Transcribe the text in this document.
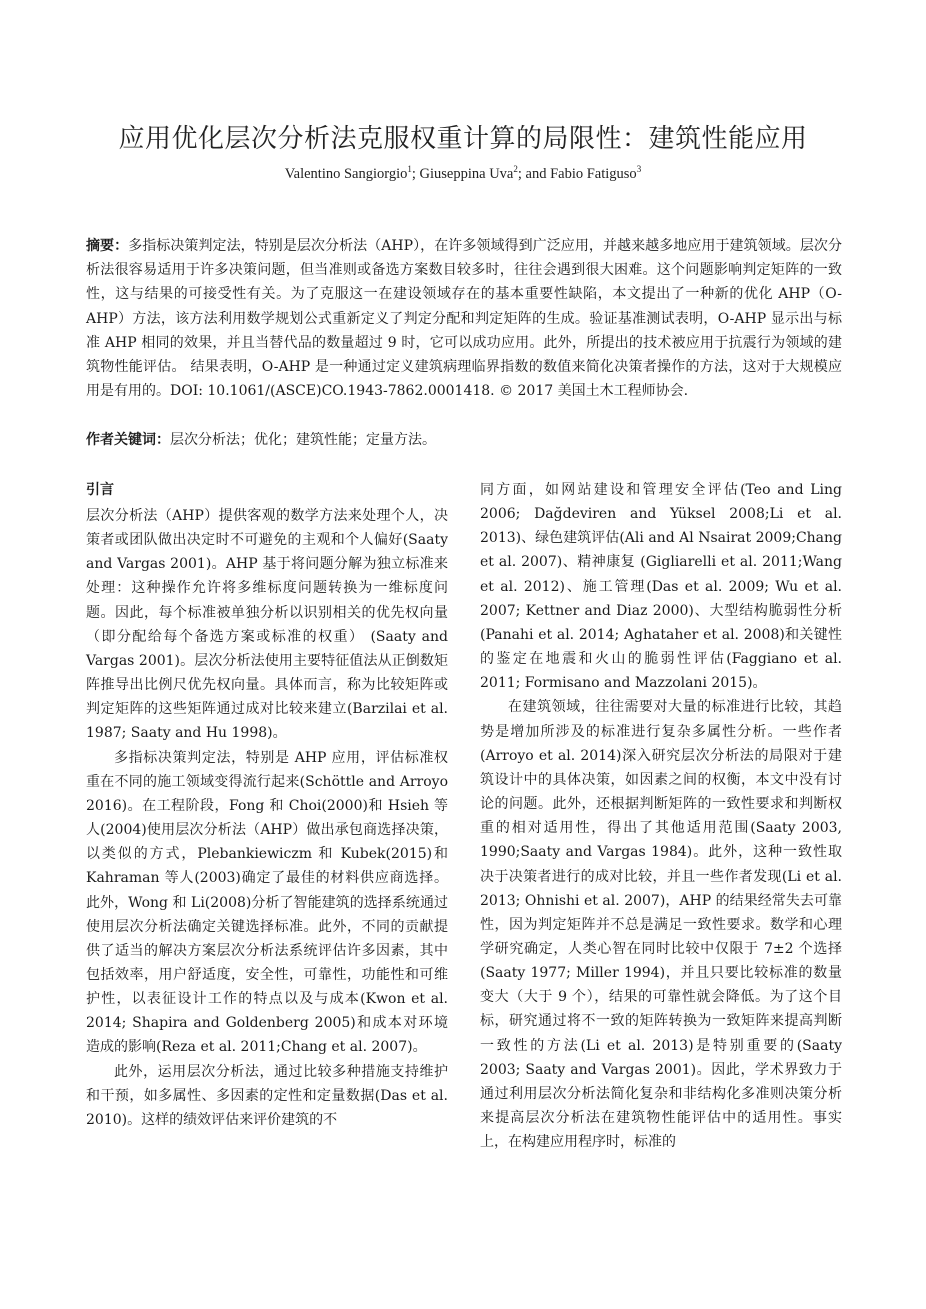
应用优化层次分析法克服权重计算的局限性：建筑性能应用
Valentino Sangiorgio$^1$; Giuseppina Uva$^2$; and Fabio Fatiguso$^3$
摘要：多指标决策判定法，特别是层次分析法（AHP），在许多领域得到广泛应用，并越来越多地应用于建筑领域。层次分析法很容易适用于许多决策问题，但当准则或备选方案数目较多时，往往会遇到很大困难。这个问题影响判定矩阵的一致性，这与结果的可接受性有关。为了克服这一在建设领域存在的基本重要性缺陷，本文提出了一种新的优化 AHP（O-AHP）方法，该方法利用数学规划公式重新定义了判定分配和判定矩阵的生成。验证基准测试表明，O-AHP 显示出与标准 AHP 相同的效果，并且当替代品的数量超过 9 时，它可以成功应用。此外，所提出的技术被应用于抗震行为领域的建筑物性能评估。 结果表明，O-AHP 是一种通过定义建筑病理临界指数的数值来简化决策者操作的方法，这对于大规模应用是有用的。DOI: 10.1061/(ASCE)CO.1943-7862.0001418. © 2017 美国土木工程师协会.
作者关键词：层次分析法；优化；建筑性能；定量方法。
引言

层次分析法（AHP）提供客观的数学方法来处理个人，决策者或团队做出决定时不可避免的主观和个人偏好(Saaty and Vargas 2001)。AHP 基于将问题分解为独立标准来处理：这种操作允许将多维标度问题转换为一维标度问题。因此，每个标准被单独分析以识别相关的优先权向量（即分配给每个备选方案或标准的权重） (Saaty and Vargas 2001)。层次分析法使用主要特征值法从正倒数矩阵推导出比例尺优先权向量。具体而言，称为比较矩阵或判定矩阵的这些矩阵通过成对比较来建立(Barzilai et al. 1987; Saaty and Hu 1998)。

多指标决策判定法，特别是 AHP 应用，评估标准权重在不同的施工领域变得流行起来(Schöttle and Arroyo 2016)。在工程阶段，Fong 和 Choi(2000)和 Hsieh 等人(2004)使用层次分析法（AHP）做出承包商选择决策，以类似的方式，Plebankiewiczm 和 Kubek(2015)和 Kahraman 等人(2003)确定了最佳的材料供应商选择。此外，Wong 和 Li(2008)分析了智能建筑的选择系统通过使用层次分析法确定关键选择标准。此外，不同的贡献提供了适当的解决方案层次分析法系统评估许多因素，其中包括效率，用户舒适度，安全性，可靠性，功能性和可维护性，以表征设计工作的特点以及与成本(Kwon et al. 2014; Shapira and Goldenberg 2005)和成本对环境造成的影响(Reza et al. 2011;Chang et al. 2007)。

此外，运用层次分析法，通过比较多种措施支持维护和干预，如多属性、多因素的定性和定量数据(Das et al. 2010)。这样的绩效评估来评价建筑的不

同方面，如网站建设和管理安全评估(Teo and Ling 2006; Dağdeviren and Yüksel 2008;Li et al. 2013)、绿色建筑评估(Ali and Al Nsairat 2009;Chang et al. 2007)、精神康复 (Gigliarelli et al. 2011;Wang et al. 2012)、施工管理(Das et al. 2009; Wu et al. 2007; Kettner and Diaz 2000)、大型结构脆弱性分析(Panahi et al. 2014; Aghataher et al. 2008)和关键性的鉴定在地震和火山的脆弱性评估(Faggiano et al. 2011; Formisano and Mazzolani 2015)。

在建筑领域，往往需要对大量的标准进行比较，其趋势是增加所涉及的标准进行复杂多属性分析。一些作者(Arroyo et al. 2014)深入研究层次分析法的局限对于建筑设计中的具体决策，如因素之间的权衡，本文中没有讨论的问题。此外，还根据判断矩阵的一致性要求和判断权重的相对适用性，得出了其他适用范围(Saaty 2003, 1990;Saaty and Vargas 1984)。此外，这种一致性取决于决策者进行的成对比较，并且一些作者发现(Li et al. 2013; Ohnishi et al. 2007)，AHP 的结果经常失去可靠性，因为判定矩阵并不总是满足一致性要求。数学和心理学研究确定，人类心智在同时比较中仅限于 7±2 个选择(Saaty 1977; Miller 1994)，并且只要比较标准的数量变大（大于 9 个），结果的可靠性就会降低。为了这个目标，研究通过将不一致的矩阵转换为一致矩阵来提高判断一致性的方法(Li et al. 2013)是特别重要的(Saaty 2003; Saaty and Vargas 2001)。因此，学术界致力于通过利用层次分析法简化复杂和非结构化多准则决策分析来提高层次分析法在建筑物性能评估中的适用性。事实上，在构建应用程序时，标准的
